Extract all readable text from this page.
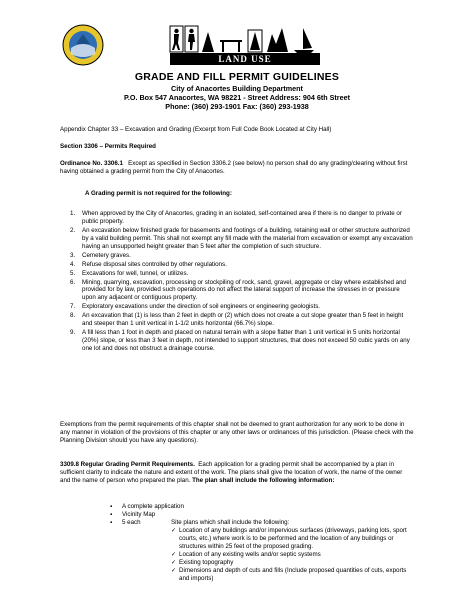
LAND USE
GRADE AND FILL PERMIT GUIDELINES
City of Anacortes Building Department
P.O. Box 547 Anacortes, WA 98221 - Street Address: 904 6th Street
Phone: (360) 293-1901 Fax: (360) 293-1938
Appendix Chapter 33 – Excavation and Grading (Excerpt from Full Code Book Located at City Hall)
Section 3306 – Permits Required
Ordinance No. 3306.1 Except as specified in Section 3306.2 (see below) no person shall do any grading/clearing without first having obtained a grading permit from the City of Anacortes.
A Grading permit is not required for the following:
1. When approved by the City of Anacortes, grading in an isolated, self-contained area if there is no danger to private or public property.
2. An excavation below finished grade for basements and footings of a building, retaining wall or other structure authorized by a valid building permit. This shall not exempt any fill made with the material from excavation or exempt any excavation having an unsupported height greater than 5 feet after the completion of such structure.
3. Cemetery graves.
4. Refuse disposal sites controlled by other regulations.
5. Excavations for well, tunnel, or utilizes.
6. Mining, quarrying, excavation, processing or stockpiling of rock, sand, gravel, aggregate or clay where established and provided for by law, provided such operations do not affect the lateral support of increase the stresses in or pressure upon any adjacent or contiguous property.
7. Exploratory excavations under the direction of soil engineers or engineering geologists.
8. An excavation that (1) is less than 2 feet in depth or (2) which does not create a cut slope greater than 5 feet in height and steeper than 1 unit vertical in 1-1/2 units horizontal (66.7%) slope.
9. A fill less than 1 foot in depth and placed on natural terrain with a slope flatter than 1 unit vertical in 5 units horizontal (20%) slope, or less than 3 feet in depth, not intended to support structures, that does not exceed 50 cubic yards on any one lot and does not obstruct a drainage course.
Exemptions from the permit requirements of this chapter shall not be deemed to grant authorization for any work to be done in any manner in violation of the provisions of this chapter or any other laws or ordinances of this jurisdiction. (Please check with the Planning Division should you have any questions).
3309.8 Regular Grading Permit Requirements. Each application for a grading permit shall be accompanied by a plan in sufficient clarity to indicate the nature and extent of the work. The plans shall give the location of work, the name of the owner and the name of person who prepared the plan. The plan shall include the following information:
▪ A complete application
▪ Vicinity Map
▪ 5 each	Site plans which shall include the following:
✓ Location of any buildings and/or impervious surfaces (driveways, parking lots, sport courts, etc.) where work is to be performed and the location of any buildings or structures within 25 feet of the proposed grading.
✓ Location of any existing wells and/or septic systems
✓ Existing topography
✓ Dimensions and depth of cuts and fills (Include proposed quantities of cuts, exports and imports)
